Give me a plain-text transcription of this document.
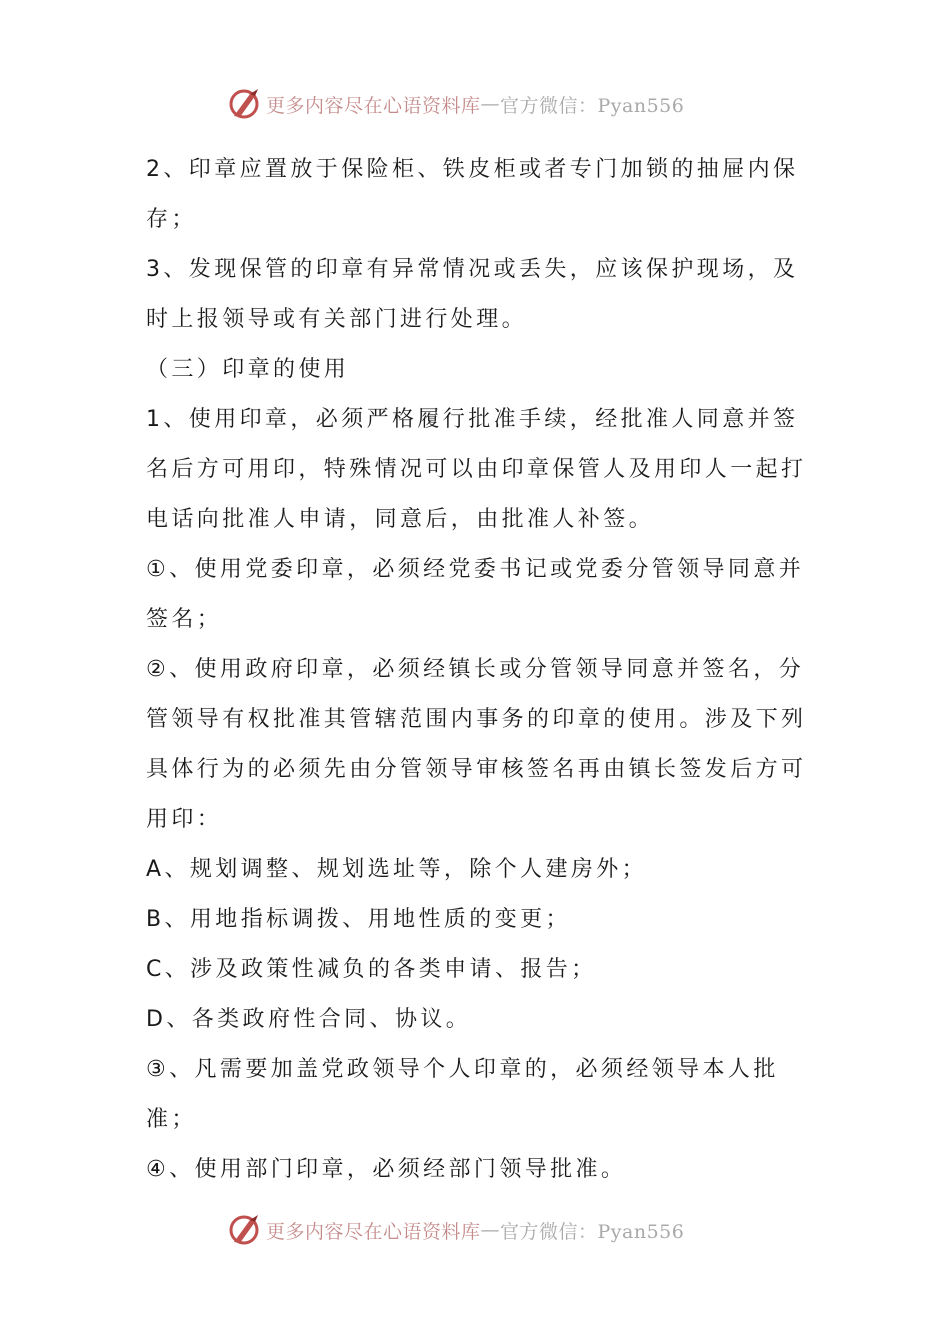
更多内容尽在心语资料库 — 官方微信：Pyan556

2、印章应置放于保险柜、铁皮柜或者专门加锁的抽屉内保存；

3、发现保管的印章有异常情况或丢失，应该保护现场，及时上报领导或有关部门进行处理。

（三）印章的使用

1、使用印章，必须严格履行批准手续，经批准人同意并签名后方可用印，特殊情况可以由印章保管人及用印人一起打电话向批准人申请，同意后，由批准人补签。

①、使用党委印章，必须经党委书记或党委分管领导同意并签名；

②、使用政府印章，必须经镇长或分管领导同意并签名，分管领导有权批准其管辖范围内事务的印章的使用。涉及下列具体行为的必须先由分管领导审核签名再由镇长签发后方可用印：

A、规划调整、规划选址等，除个人建房外；

B、用地指标调拨、用地性质的变更；

C、涉及政策性减负的各类申请、报告；

D、各类政府性合同、协议。

③、凡需要加盖党政领导个人印章的，必须经领导本人批准；

④、使用部门印章，必须经部门领导批准。

更多内容尽在心语资料库 — 官方微信：Pyan556
